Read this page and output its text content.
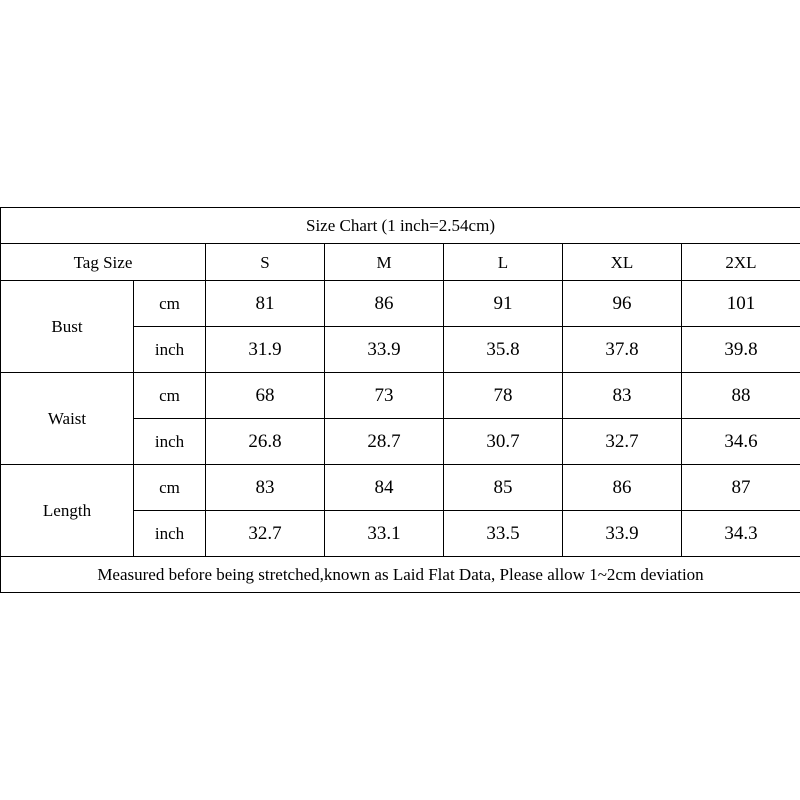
Size Chart (1 inch=2.54cm)						
Tag Size		S	M	L	XL	2XL
Bust	cm	81	86	91	96	101
	inch	31.9	33.9	35.8	37.8	39.8
Waist	cm	68	73	78	83	88
	inch	26.8	28.7	30.7	32.7	34.6
Length	cm	83	84	85	86	87
	inch	32.7	33.1	33.5	33.9	34.3
Measured before being stretched,known as Laid Flat Data, Please allow 1~2cm deviation						
